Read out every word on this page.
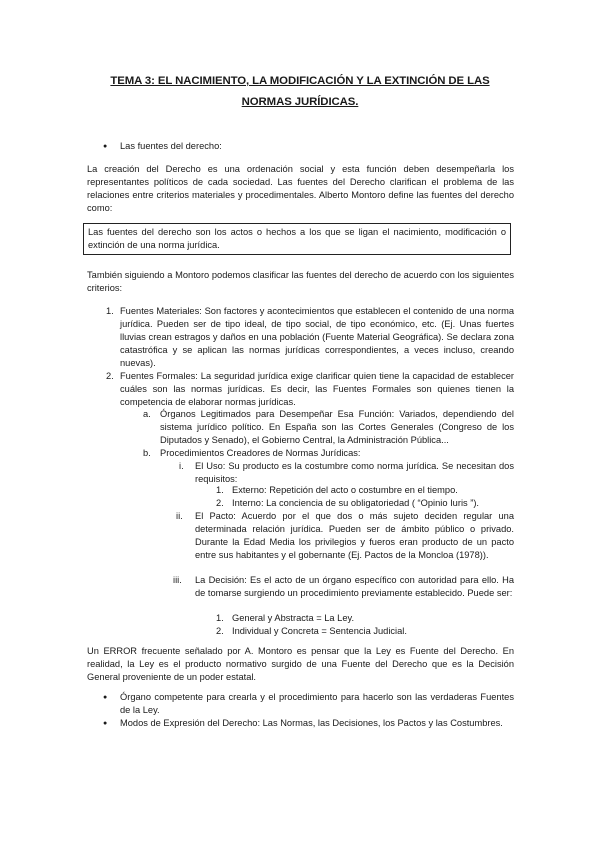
TEMA 3: EL NACIMIENTO, LA MODIFICACIÓN Y LA EXTINCIÓN DE LAS
NORMAS JURÍDICAS.
● Las fuentes del derecho:

La creación del Derecho es una ordenación social y esta función deben desempeñarla los representantes políticos de cada sociedad. Las fuentes del Derecho clarifican el problema de las relaciones entre criterios materiales y procedimentales. Alberto Montoro define las fuentes del derecho como:

Las fuentes del derecho son los actos o hechos a los que se ligan el nacimiento, modificación o extinción de una norma jurídica.

También siguiendo a Montoro podemos clasificar las fuentes del derecho de acuerdo con los siguientes criterios:

1. Fuentes Materiales: Son factores y acontecimientos que establecen el contenido de una norma jurídica. Pueden ser de tipo ideal, de tipo social, de tipo económico, etc. (Ej. Unas fuertes lluvias crean estragos y daños en una población (Fuente Material Geográfica). Se declara zona catastrófica y se aplican las normas jurídicas correspondientes, a veces incluso, creando nuevas).

2. Fuentes Formales: La seguridad jurídica exige clarificar quien tiene la capacidad de establecer cuáles son las normas jurídicas. Es decir, las Fuentes Formales son quienes tienen la competencia de elaborar normas jurídicas.

a. Órganos Legitimados para Desempeñar Esa Función: Variados, dependiendo del sistema jurídico político. En España son las Cortes Generales (Congreso de los Diputados y Senado), el Gobierno Central, la Administración Pública...

b. Procedimientos Creadores de Normas Jurídicas:

i. El Uso: Su producto es la costumbre como norma jurídica. Se necesitan dos requisitos:

1. Externo: Repetición del acto o costumbre en el tiempo.

2. Interno: La conciencia de su obligatoriedad ( “Opinio Iuris ”).

ii. El Pacto: Acuerdo por el que dos o más sujeto deciden regular una determinada relación jurídica. Pueden ser de ámbito público o privado. Durante la Edad Media los privilegios y fueros eran producto de un pacto entre sus habitantes y el gobernante (Ej. Pactos de la Moncloa (1978)).

iii. La Decisión: Es el acto de un órgano específico con autoridad para ello. Ha de tomarse surgiendo un procedimiento previamente establecido. Puede ser:

1. General y Abstracta = La Ley.

2. Individual y Concreta = Sentencia Judicial.

Un ERROR frecuente señalado por A. Montoro es pensar que la Ley es Fuente del Derecho. En realidad, la Ley es el producto normativo surgido de una Fuente del Derecho que es la Decisión General proveniente de un poder estatal.

● Órgano competente para crearla y el procedimiento para hacerlo son las verdaderas Fuentes de la Ley.

● Modos de Expresión del Derecho: Las Normas, las Decisiones, los Pactos y las Costumbres.
